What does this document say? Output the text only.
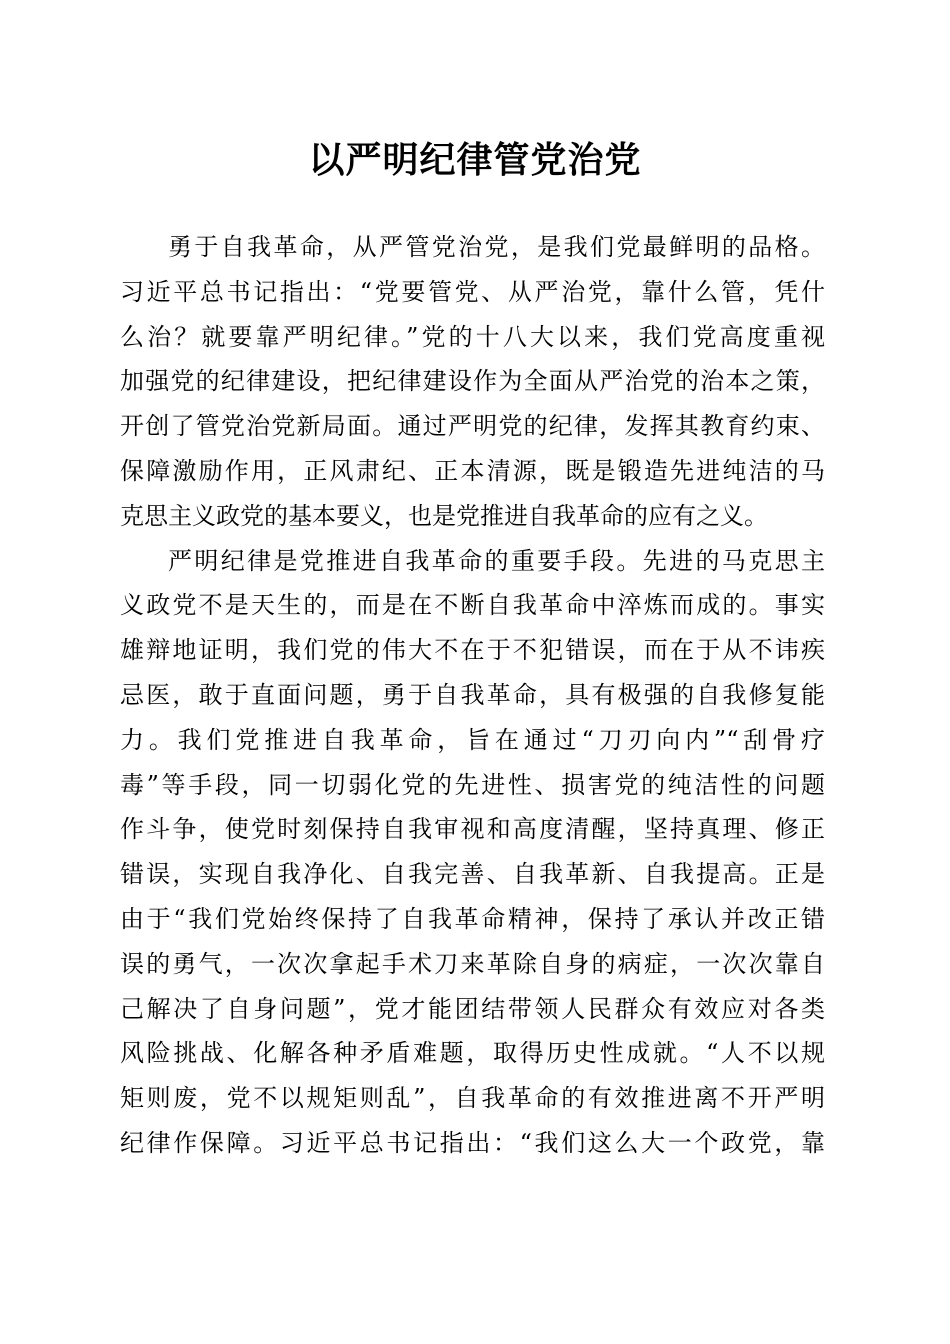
以严明纪律管党治党
勇于自我革命，从严管党治党，是我们党最鲜明的品格。
习近平总书记指出：“党要管党、从严治党，靠什么管，凭什
么治？就要靠严明纪律。”党的十八大以来，我们党高度重视
加强党的纪律建设，把纪律建设作为全面从严治党的治本之策，
开创了管党治党新局面。通过严明党的纪律，发挥其教育约束、
保障激励作用，正风肃纪、正本清源，既是锻造先进纯洁的马
克思主义政党的基本要义，也是党推进自我革命的应有之义。
严明纪律是党推进自我革命的重要手段。先进的马克思主
义政党不是天生的，而是在不断自我革命中淬炼而成的。事实
雄辩地证明，我们党的伟大不在于不犯错误，而在于从不讳疾
忌医，敢于直面问题，勇于自我革命，具有极强的自我修复能
力。我们党推进自我革命，旨在通过“刀刃向内”“刮骨疗
毒”等手段，同一切弱化党的先进性、损害党的纯洁性的问题
作斗争，使党时刻保持自我审视和高度清醒，坚持真理、修正
错误，实现自我净化、自我完善、自我革新、自我提高。正是
由于“我们党始终保持了自我革命精神，保持了承认并改正错
误的勇气，一次次拿起手术刀来革除自身的病症，一次次靠自
己解决了自身问题”，党才能团结带领人民群众有效应对各类
风险挑战、化解各种矛盾难题，取得历史性成就。“人不以规
矩则废，党不以规矩则乱”，自我革命的有效推进离不开严明
纪律作保障。习近平总书记指出：“我们这么大一个政党，靠
